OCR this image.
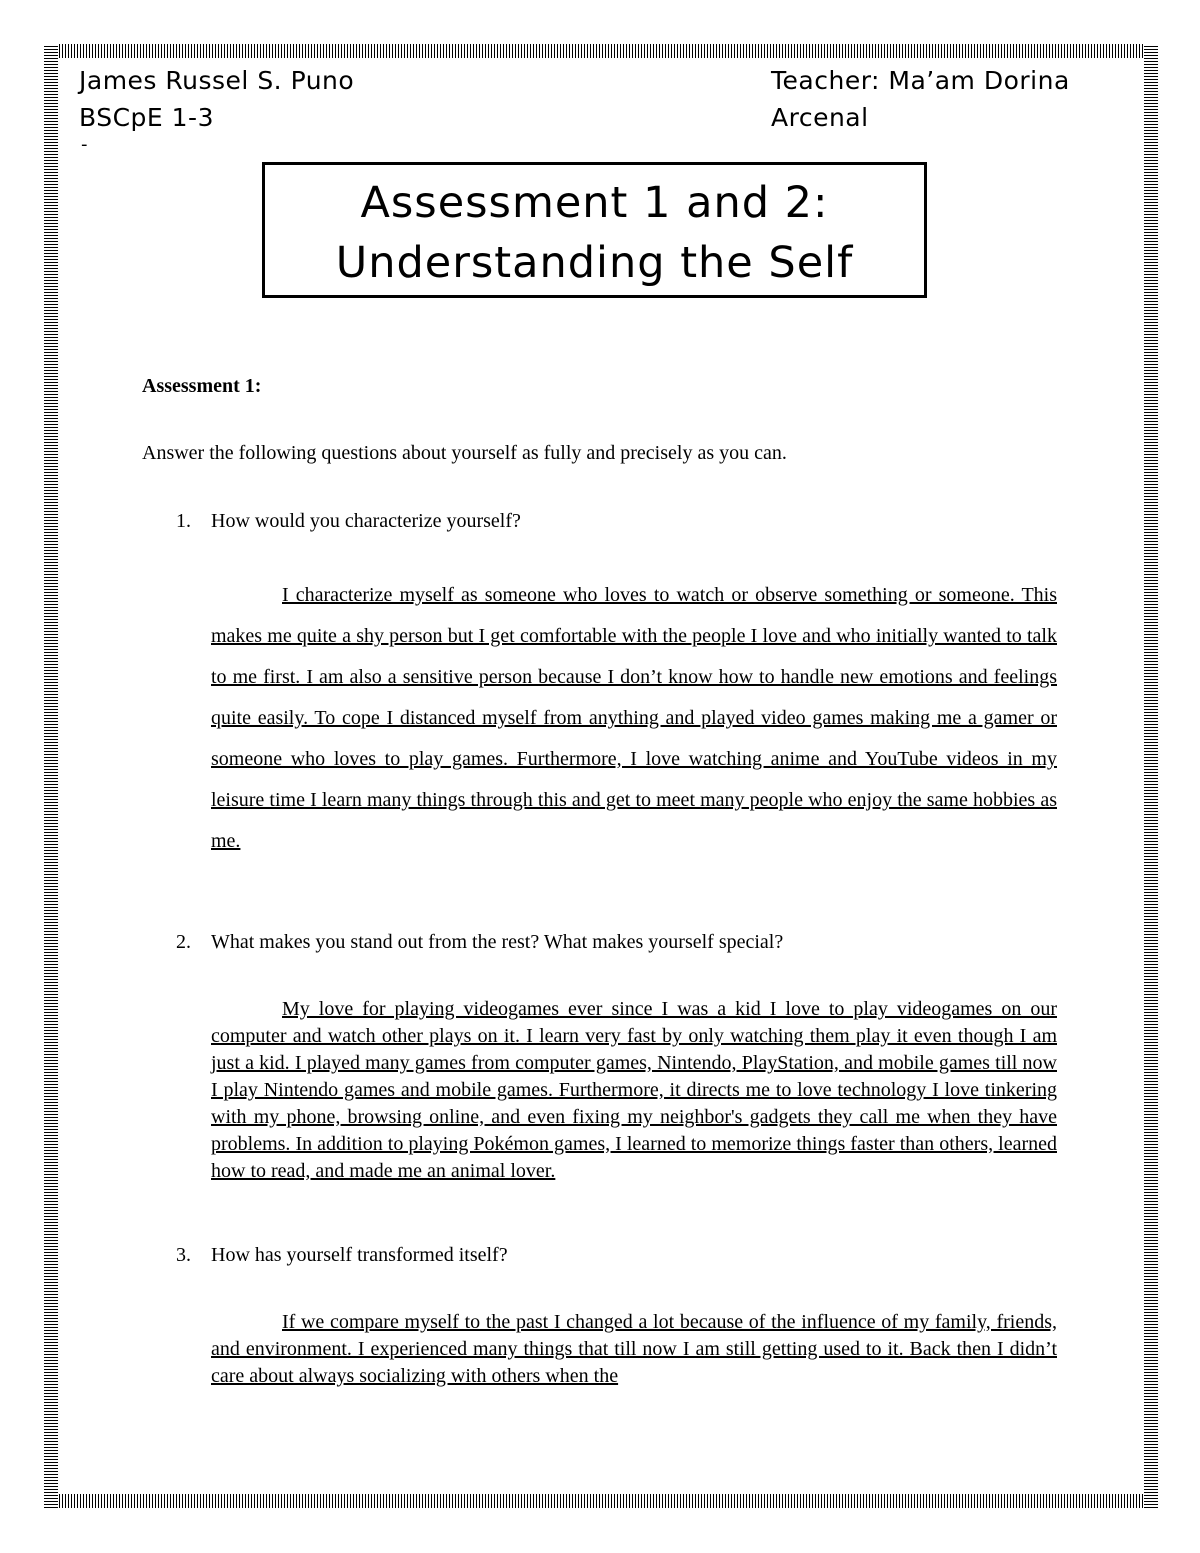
James Russel S. Puno
BSCpE 1-3
-
Teacher: Ma’am Dorina
Arcenal
Assessment 1 and 2:
Understanding the Self
Assessment 1:
Answer the following questions about yourself as fully and precisely as you can.
1.	How would you characterize yourself?

I characterize myself as someone who loves to watch or observe something or someone. This makes me quite a shy person but I get comfortable with the people I love and who initially wanted to talk to me first. I am also a sensitive person because I don’t know how to handle new emotions and feelings quite easily. To cope I distanced myself from anything and played video games making me a gamer or someone who loves to play games. Furthermore, I love watching anime and YouTube videos in my leisure time I learn many things through this and get to meet many people who enjoy the same hobbies as me.

2.	What makes you stand out from the rest? What makes yourself special?

My love for playing videogames ever since I was a kid I love to play videogames on our computer and watch other plays on it. I learn very fast by only watching them play it even though I am just a kid. I played many games from computer games, Nintendo, PlayStation, and mobile games till now I play Nintendo games and mobile games. Furthermore, it directs me to love technology I love tinkering with my phone, browsing online, and even fixing my neighbor's gadgets they call me when they have problems. In addition to playing Pokémon games, I learned to memorize things faster than others, learned how to read, and made me an animal lover.

3.	How has yourself transformed itself?

If we compare myself to the past I changed a lot because of the influence of my family, friends, and environment. I experienced many things that till now I am still getting used to it. Back then I didn’t care about always socializing with others when the
